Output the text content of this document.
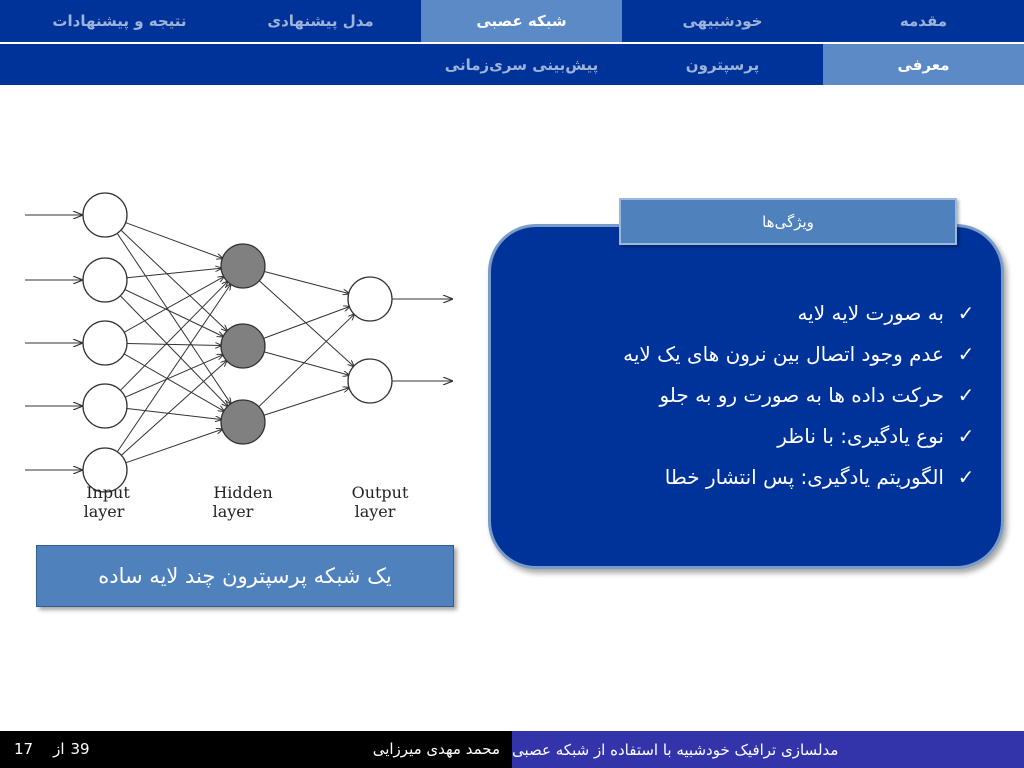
مقدمه
خودشبیهی
شبکه عصبی
مدل پیشنهادی
نتیجه و پیشنهادات
معرفی
پرسپترون
پیش‌بینی سری‌زمانی
Input
layer
Hidden
layer
Output
layer
یک شبکه پرسپترون چند لایه ساده
ویژگی‌ها
✓
به صورت لایه لایه
✓
عدم وجود اتصال بین نرون های یک لایه
✓
حرکت داده ها به صورت رو به جلو
✓
نوع یادگیری: با ناظر
✓
الگوریتم یادگیری: پس انتشار خطا
39
از
17	محمد مهدی میرزایی مدلسازی ترافیک خودشبیه با استفاده از شبکه عصبی
